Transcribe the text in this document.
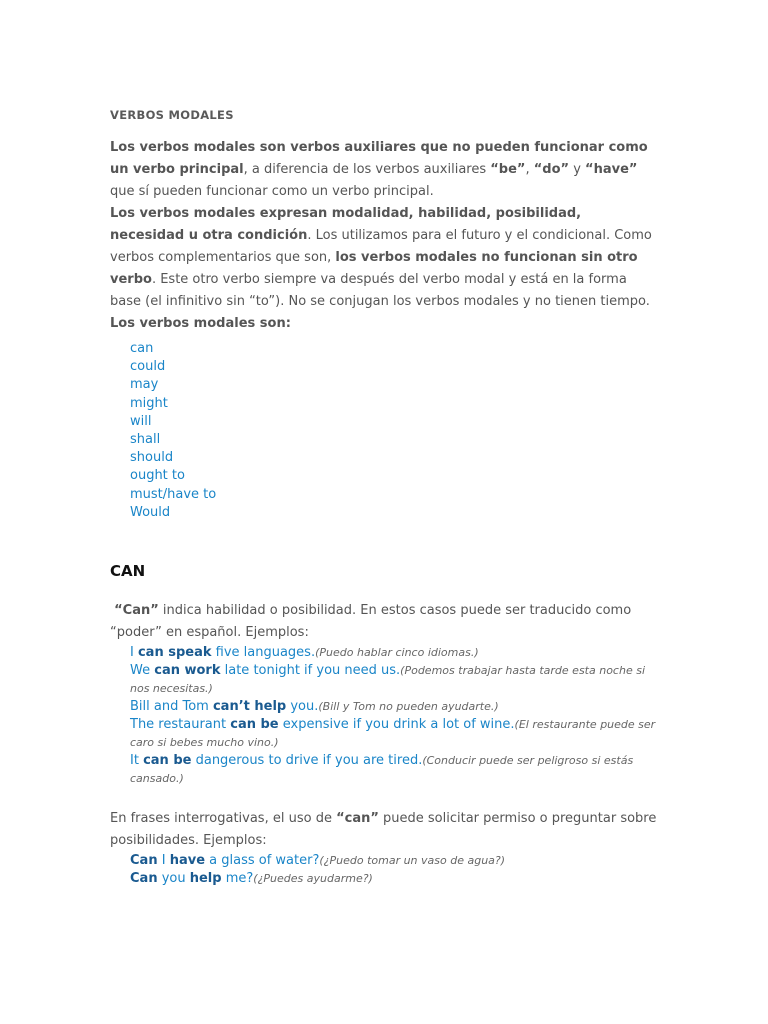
VERBOS MODALES

Los verbos modales son verbos auxiliares que no pueden funcionar como un verbo principal, a diferencia de los verbos auxiliares “be”, “do” y “have” que sí pueden funcionar como un verbo principal.

Los verbos modales expresan modalidad, habilidad, posibilidad, necesidad u otra condición. Los utilizamos para el futuro y el condicional. Como verbos complementarios que son, los verbos modales no funcionan sin otro verbo. Este otro verbo siempre va después del verbo modal y está en la forma base (el infinitivo sin “to”). No se conjugan los verbos modales y no tienen tiempo.

Los verbos modales son:

can
could
may
might
will
shall
should
ought to
must/have to
Would
CAN

“Can” indica habilidad o posibilidad. En estos casos puede ser traducido como “poder” en español. Ejemplos:

I can speak five languages.(Puedo hablar cinco idiomas.)

We can work late tonight if you need us.(Podemos trabajar hasta tarde esta noche si nos necesitas.)

Bill and Tom can’t help you.(Bill y Tom no pueden ayudarte.)

The restaurant can be expensive if you drink a lot of wine.(El restaurante puede ser caro si bebes mucho vino.)

It can be dangerous to drive if you are tired.(Conducir puede ser peligroso si estás cansado.)

En frases interrogativas, el uso de “can” puede solicitar permiso o preguntar sobre posibilidades. Ejemplos:

Can I have a glass of water?(¿Puedo tomar un vaso de agua?)

Can you help me?(¿Puedes ayudarme?)
